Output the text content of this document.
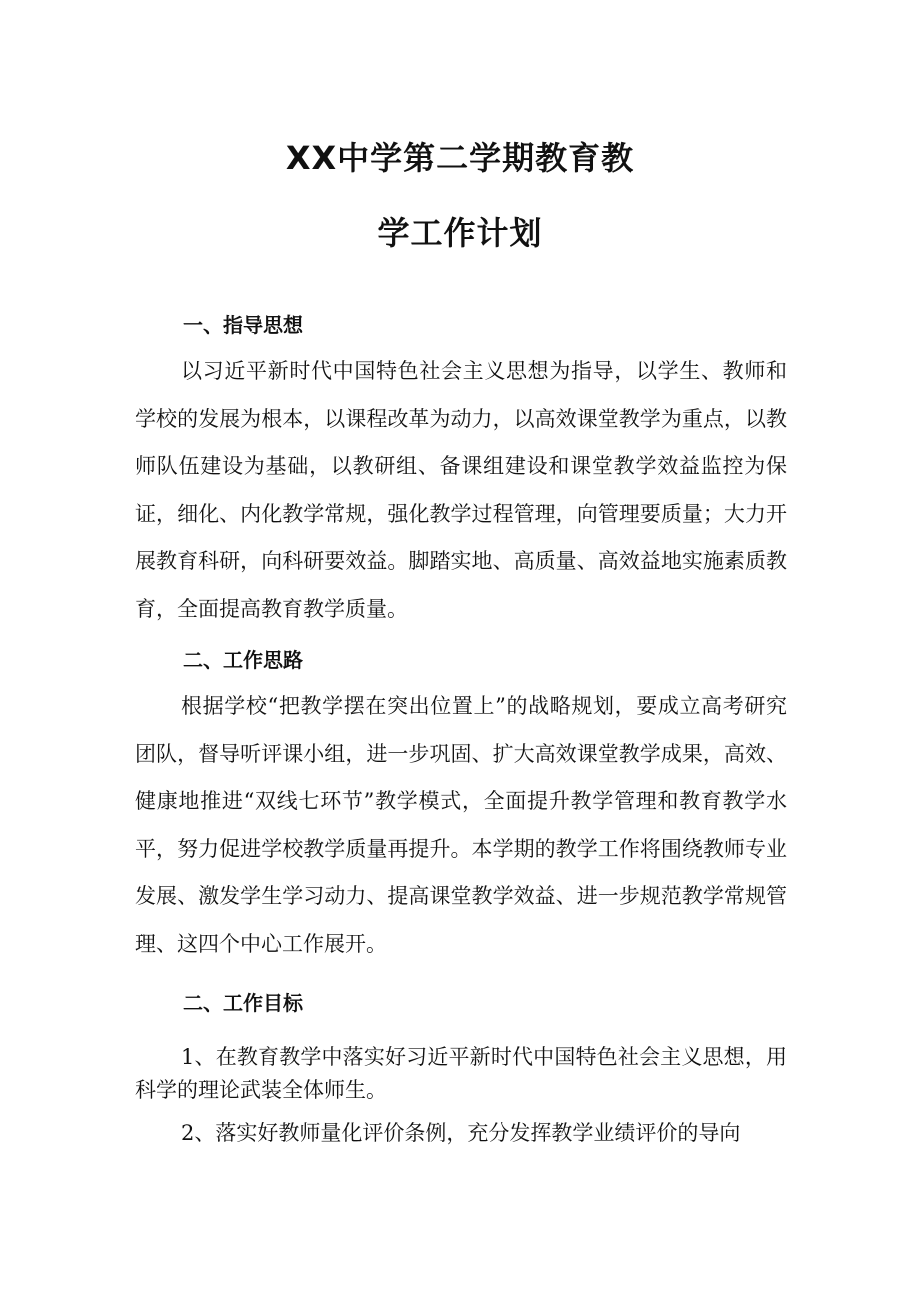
XX中学第二学期教育教
学工作计划
一、指导思想

以习近平新时代中国特色社会主义思想为指导，以学生、教师和学校的发展为根本，以课程改革为动力，以高效课堂教学为重点，以教师队伍建设为基础，以教研组、备课组建设和课堂教学效益监控为保证，细化、内化教学常规，强化教学过程管理，向管理要质量；大力开展教育科研，向科研要效益。脚踏实地、高质量、高效益地实施素质教育，全面提高教育教学质量。

二、工作思路

根据学校“把教学摆在突出位置上”的战略规划，要成立高考研究团队，督导听评课小组，进一步巩固、扩大高效课堂教学成果，高效、健康地推进“双线七环节”教学模式，全面提升教学管理和教育教学水平，努力促进学校教学质量再提升。本学期的教学工作将围绕教师专业发展、激发学生学习动力、提高课堂教学效益、进一步规范教学常规管理、这四个中心工作展开。

二、工作目标

1、在教育教学中落实好习近平新时代中国特色社会主义思想，用科学的理论武装全体师生。

2、落实好教师量化评价条例，充分发挥教学业绩评价的导向
